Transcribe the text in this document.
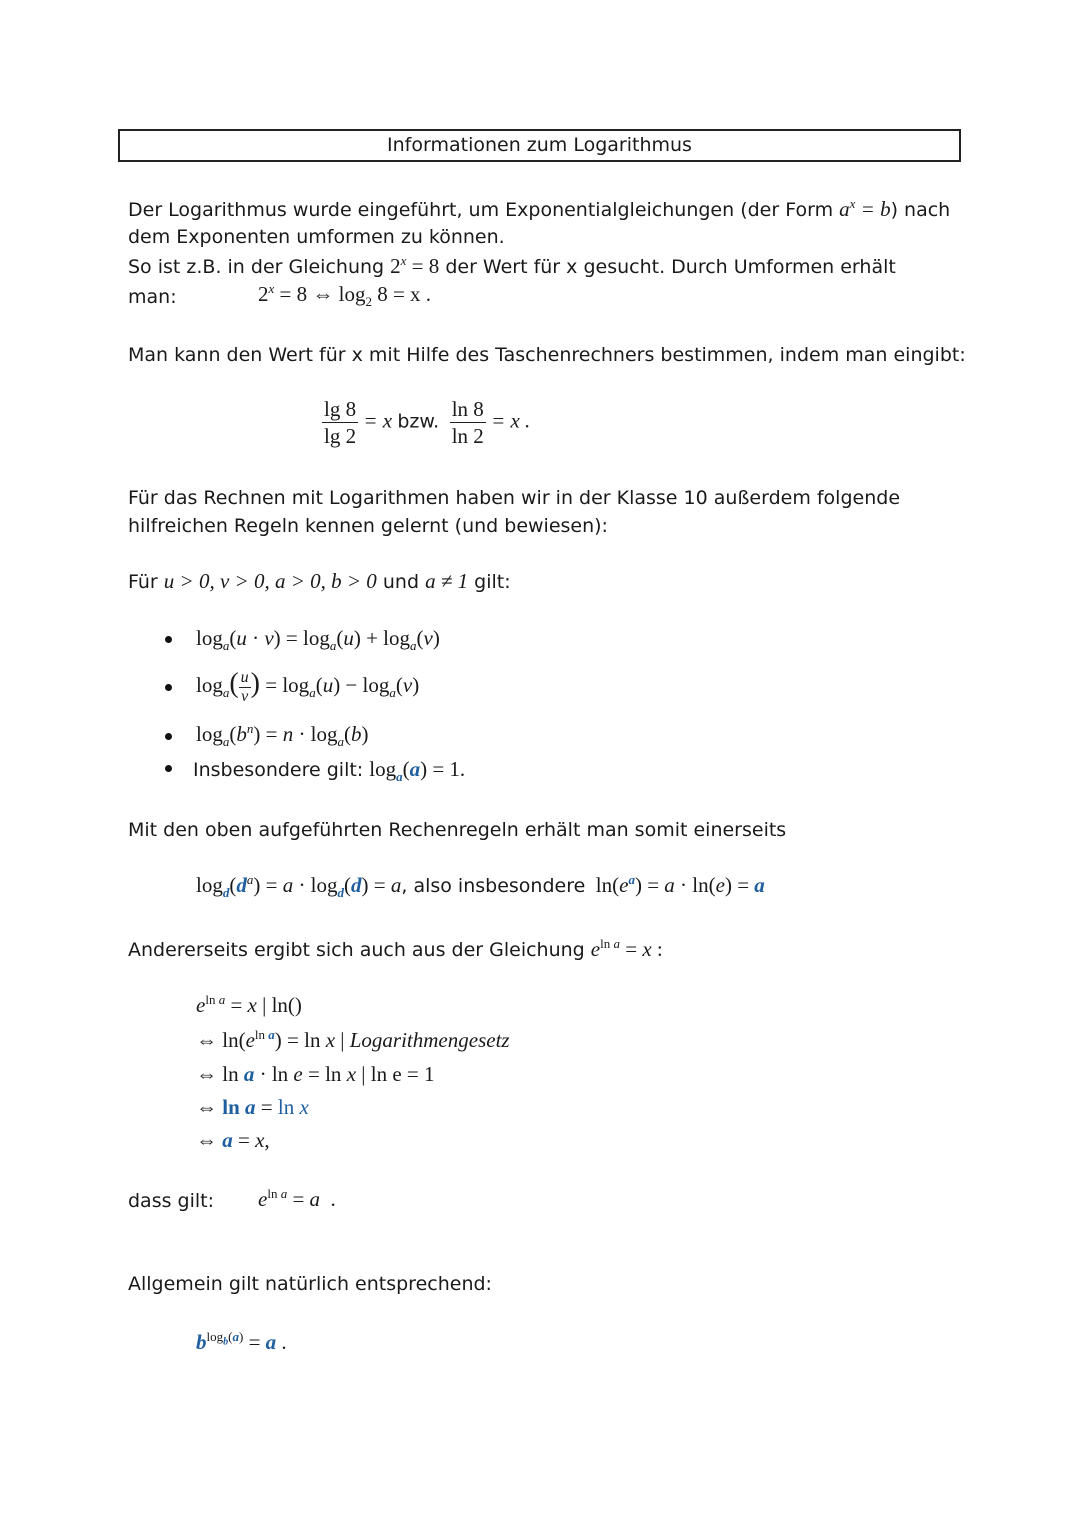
Informationen zum Logarithmus
Der Logarithmus wurde eingeführt, um Exponentialgleichungen (der Form $a^x = b$) nach
dem Exponenten umformen zu können.
So ist z.B. in der Gleichung $2^x = 8$ der Wert für x gesucht. Durch Umformen erhält
man:	$2^x = 8$ ⇔ $\log_2 8 = x$ .
Man kann den Wert für x mit Hilfe des Taschenrechners bestimmen, indem man eingibt:
$\frac{\lg 8}{\lg 2} = x$ bzw. $\frac{\ln 8}{\ln 2} = x$ .
Für das Rechnen mit Logarithmen haben wir in der Klasse 10 außerdem folgende
hilfreichen Regeln kennen gelernt (und bewiesen):
Für u > 0, v > 0, a > 0, b > 0 und a ≠ 1 gilt:
$\log_a(u \cdot v) = \log_a(u) + \log_a(v)$
$\log_a( \frac{u}{v}$ ) = $\log_a(u) - \log_a(v)$
$\log_a(b^n) = n \cdot \log_a(b)$
Insbesondere gilt: $\log_a(a) = 1$.
Mit den oben aufgeführten Rechenregeln erhält man somit einerseits
$\log_d(d^a) = a \cdot \log_d(d) = a$, also insbesondere  $\ln(e^a) = a \cdot \ln(e) = a$
Andererseits ergibt sich auch aus der Gleichung $e^{ln a} = x$ :
$e^{ln a} = x$ | ln()
⇔ $\ln(e^{ln a}) = \ln x$ | Logarithmengesetz
⇔ ln a · ln e = ln x | ln e = 1
⇔ ln a = ln x
⇔ a = x,
dass gilt: $e^{ln a} = a$  .
Allgemein gilt natürlich entsprechend:
$b^{log_b(a)} = a$ .
